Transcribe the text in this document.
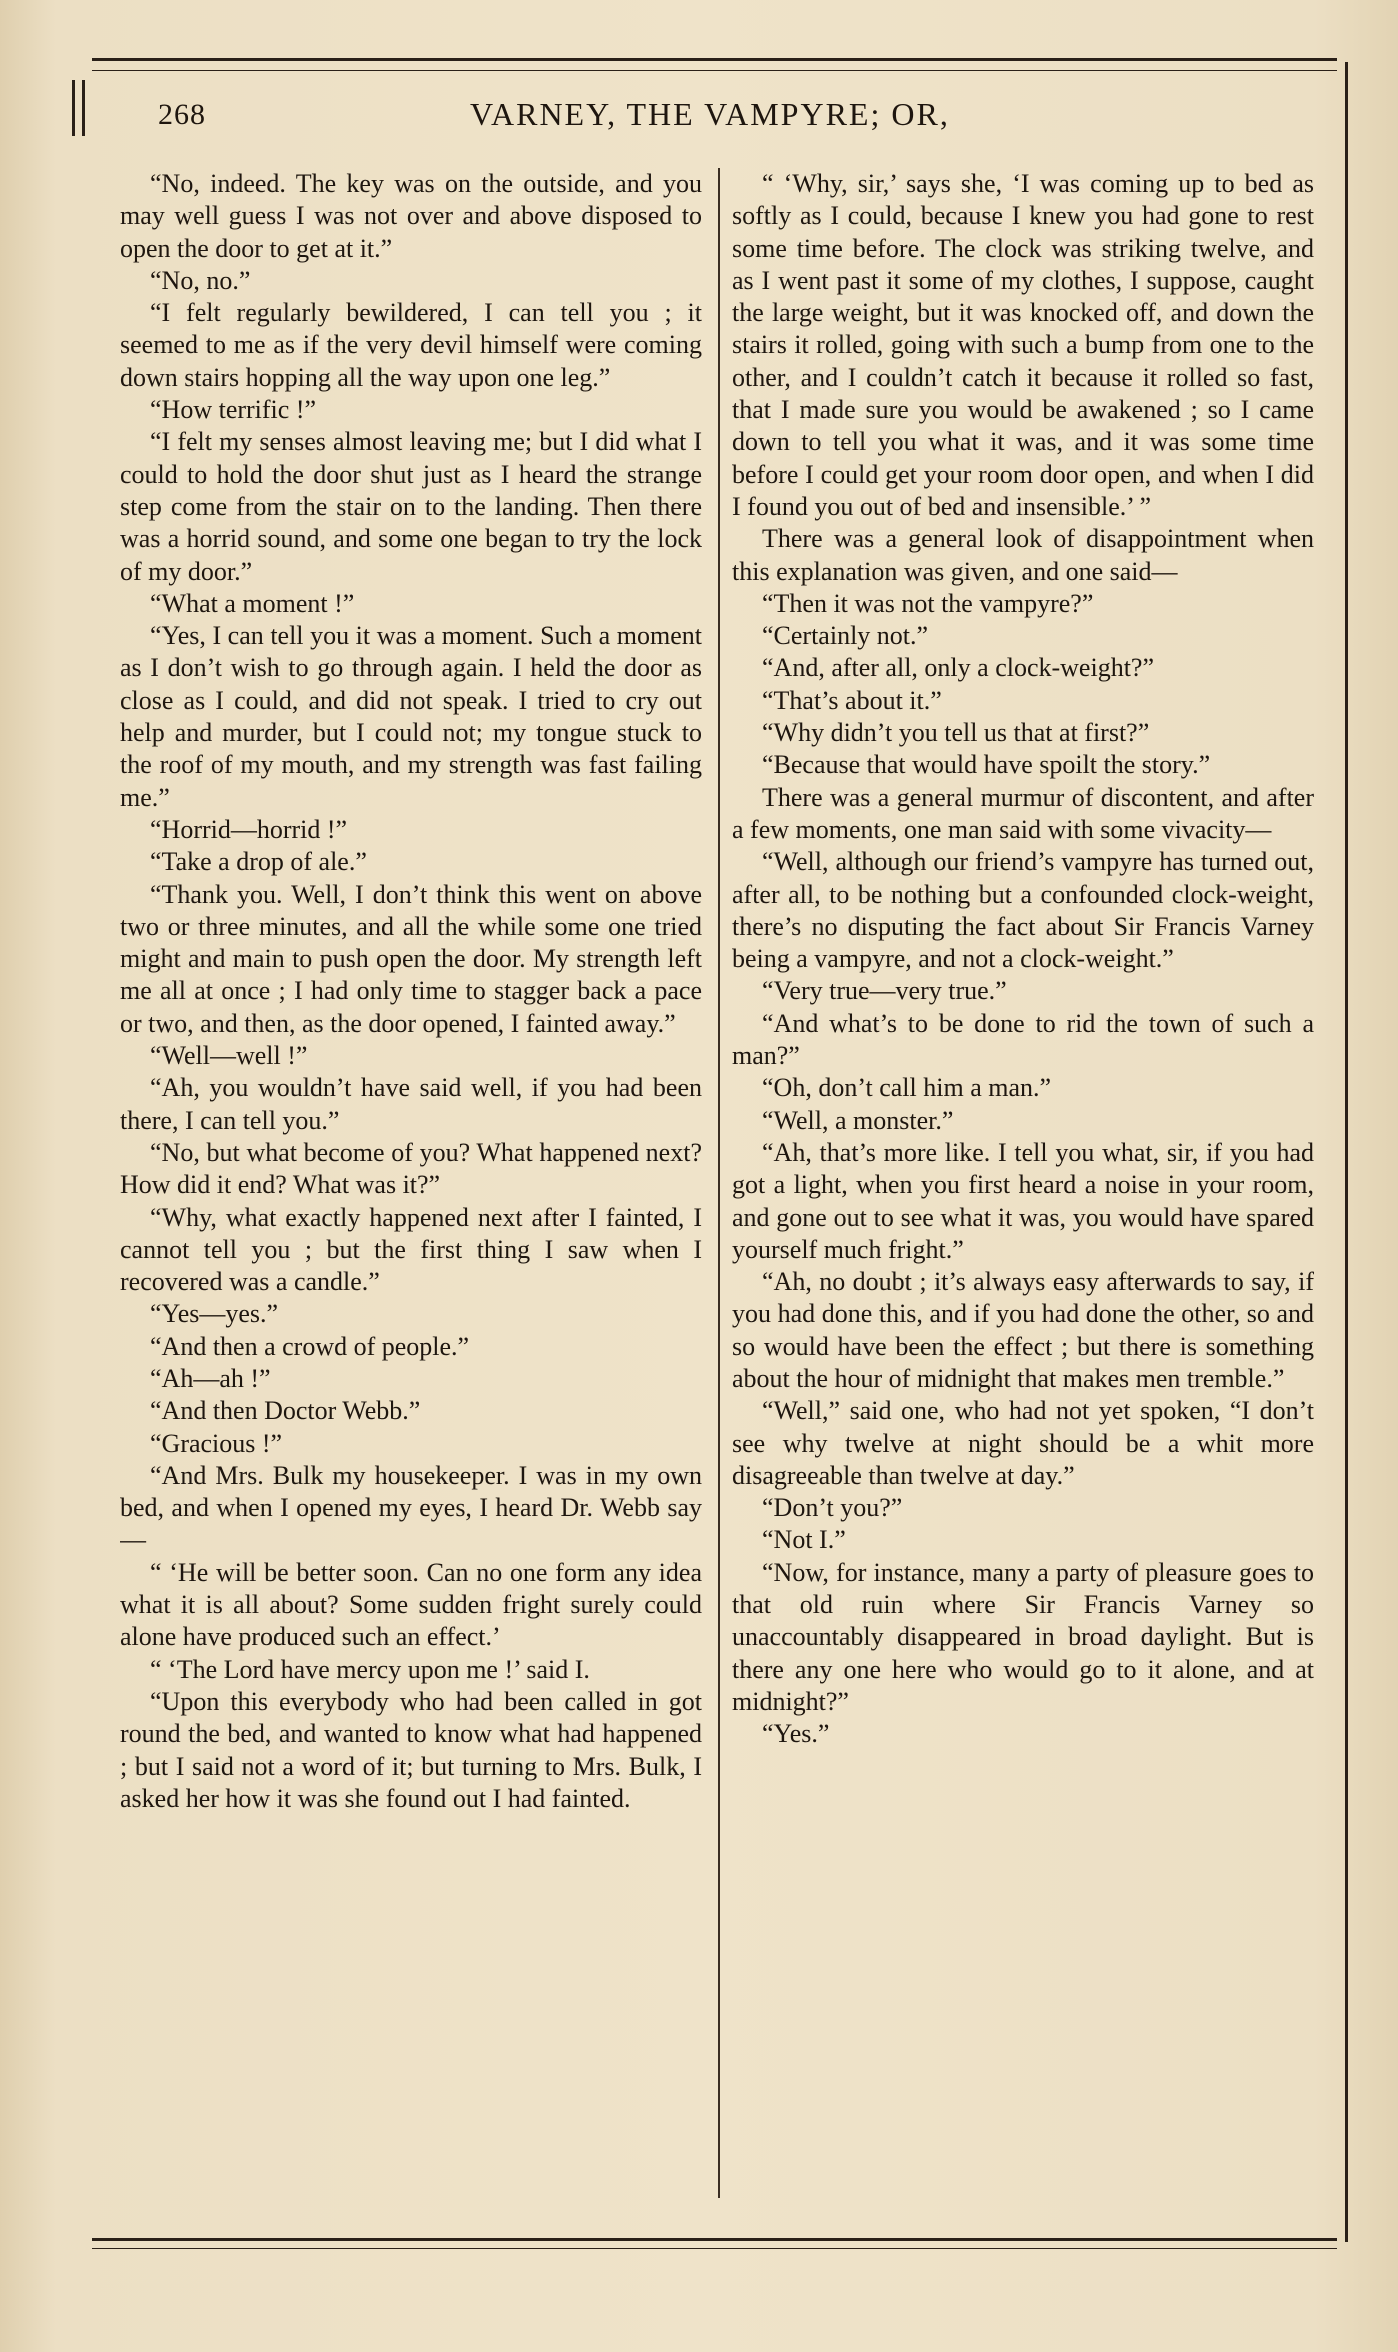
268	VARNEY, THE VAMPYRE; OR,

“No, indeed. The key was on the outside, and you may well guess I was not over and above disposed to open the door to get at it.”

“No, no.”

“I felt regularly bewildered, I can tell you ; it seemed to me as if the very devil himself were coming down stairs hopping all the way upon one leg.”

“How terrific !”

“I felt my senses almost leaving me; but I did what I could to hold the door shut just as I heard the strange step come from the stair on to the landing. Then there was a horrid sound, and some one began to try the lock of my door.”

“What a moment !”

“Yes, I can tell you it was a moment. Such a moment as I don’t wish to go through again. I held the door as close as I could, and did not speak. I tried to cry out help and murder, but I could not; my tongue stuck to the roof of my mouth, and my strength was fast failing me.”

“Horrid—horrid !”

“Take a drop of ale.”

“Thank you. Well, I don’t think this went on above two or three minutes, and all the while some one tried might and main to push open the door. My strength left me all at once ; I had only time to stagger back a pace or two, and then, as the door opened, I fainted away.”

“Well—well !”

“Ah, you wouldn’t have said well, if you had been there, I can tell you.”

“No, but what become of you? What happened next? How did it end? What was it?”

“Why, what exactly happened next after I fainted, I cannot tell you ; but the first thing I saw when I recovered was a candle.”

“Yes—yes.”

“And then a crowd of people.”

“Ah—ah !”

“And then Doctor Webb.”

“Gracious !”

“And Mrs. Bulk my housekeeper. I was in my own bed, and when I opened my eyes, I heard Dr. Webb say—

“ ‘He will be better soon. Can no one form any idea what it is all about? Some sudden fright surely could alone have produced such an effect.’

“ ‘The Lord have mercy upon me !’ said I.

“Upon this everybody who had been called in got round the bed, and wanted to know what had happened ; but I said not a word of it; but turning to Mrs. Bulk, I asked her how it was she found out I had fainted.

“ ‘Why, sir,’ says she, ‘I was coming up to bed as softly as I could, because I knew you had gone to rest some time before. The clock was striking twelve, and as I went past it some of my clothes, I suppose, caught the large weight, but it was knocked off, and down the stairs it rolled, going with such a bump from one to the other, and I couldn’t catch it because it rolled so fast, that I made sure you would be awakened ; so I came down to tell you what it was, and it was some time before I could get your room door open, and when I did I found you out of bed and insensible.’ ”

There was a general look of disappointment when this explanation was given, and one said—

“Then it was not the vampyre?”

“Certainly not.”

“And, after all, only a clock-weight?”

“That’s about it.”

“Why didn’t you tell us that at first?”

“Because that would have spoilt the story.”

There was a general murmur of discontent, and after a few moments, one man said with some vivacity—

“Well, although our friend’s vampyre has turned out, after all, to be nothing but a confounded clock-weight, there’s no disputing the fact about Sir Francis Varney being a vampyre, and not a clock-weight.”

“Very true—very true.”

“And what’s to be done to rid the town of such a man?”

“Oh, don’t call him a man.”

“Well, a monster.”

“Ah, that’s more like. I tell you what, sir, if you had got a light, when you first heard a noise in your room, and gone out to see what it was, you would have spared yourself much fright.”

“Ah, no doubt ; it’s always easy afterwards to say, if you had done this, and if you had done the other, so and so would have been the effect ; but there is something about the hour of midnight that makes men tremble.”

“Well,” said one, who had not yet spoken, “I don’t see why twelve at night should be a whit more disagreeable than twelve at day.”

“Don’t you?”

“Not I.”

“Now, for instance, many a party of pleasure goes to that old ruin where Sir Francis Varney so unaccountably disappeared in broad daylight. But is there any one here who would go to it alone, and at midnight?”

“Yes.”
